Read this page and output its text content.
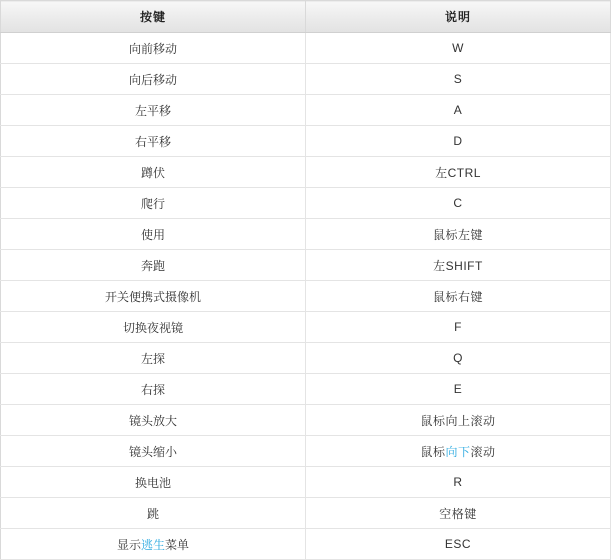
按键	说明
向前移动	W
向后移动	S
左平移	A
右平移	D
蹲伏	左CTRL
爬行	C
使用	鼠标左键
奔跑	左SHIFT
开关便携式摄像机	鼠标右键
切换夜视镜	F
左探	Q
右探	E
镜头放大	鼠标向上滚动
镜头缩小	鼠标向下滚动
换电池	R
跳	空格键
显示逃生菜单	ESC
